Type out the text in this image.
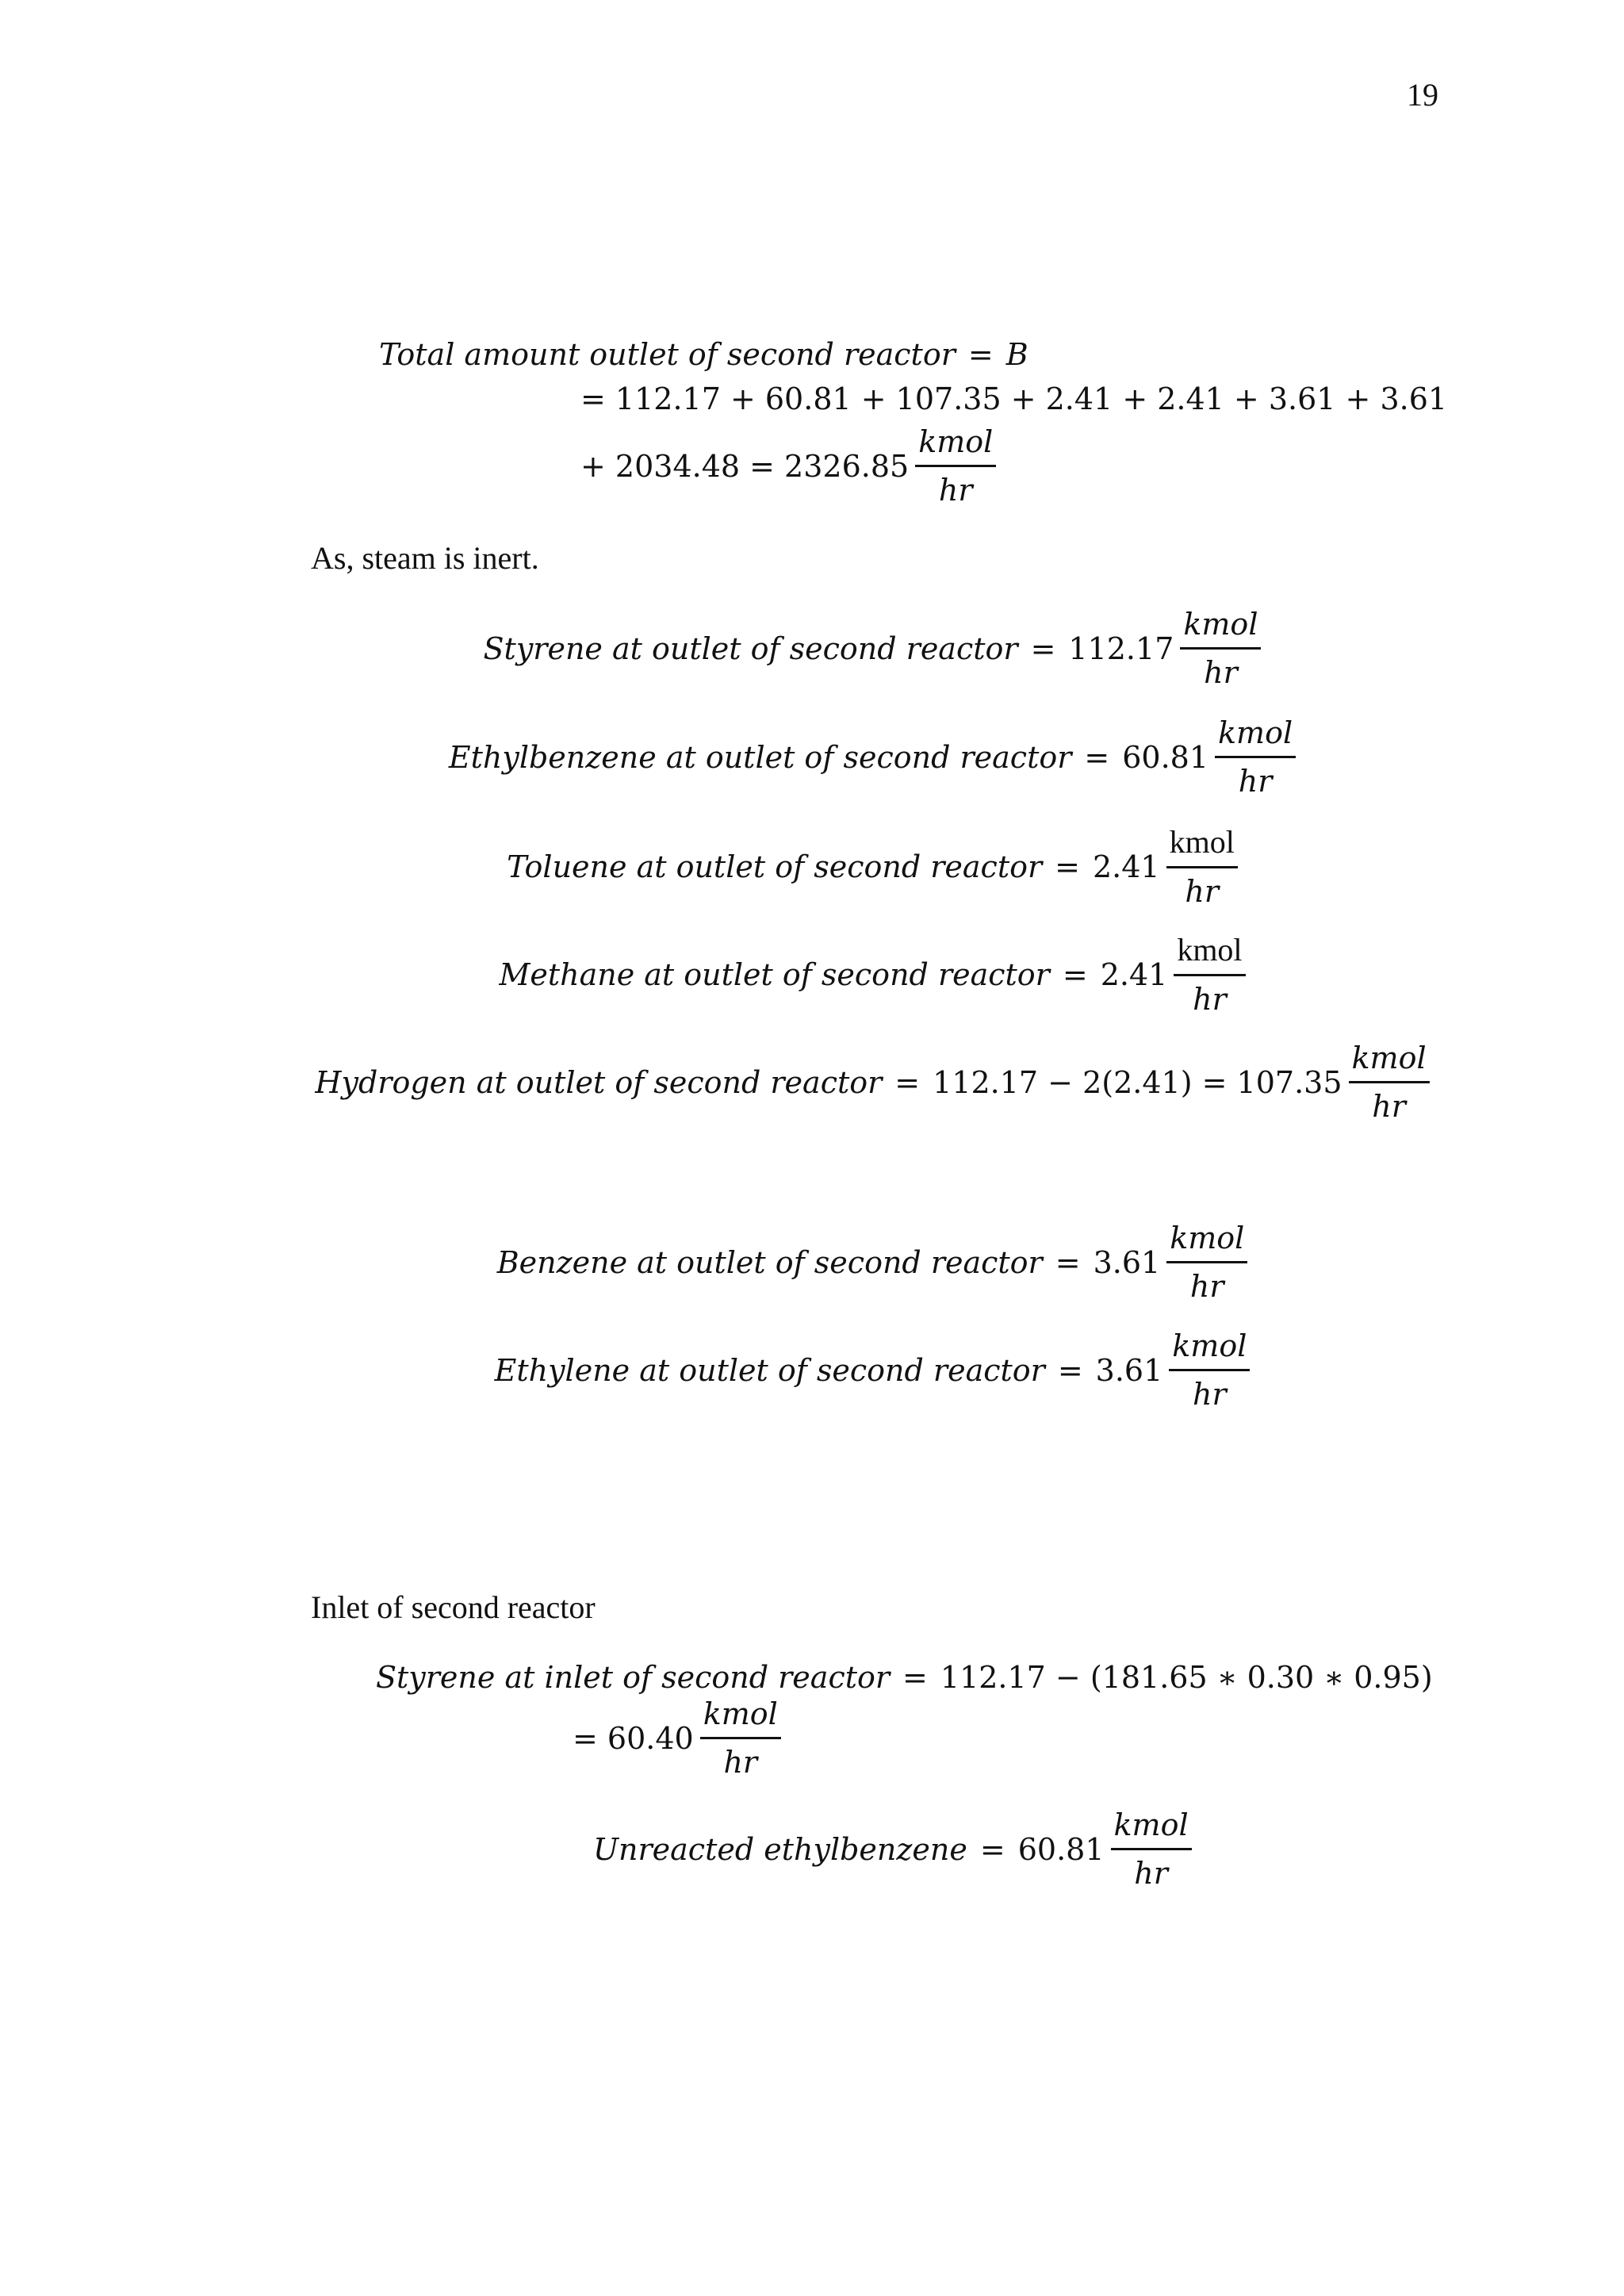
19
Total amount outlet of second reactor = B
= 112.17 + 60.81 + 107.35 + 2.41 + 2.41 + 3.61 + 3.61
+ $2034.48 = 2326.85 \frac{\text{kmol}}{hr}$
As, steam is inert.
Styrene at outlet of second reactor = $112.17 \frac{\text{kmol}}{hr}$
Ethylbenzene at outlet of second reactor = $60.81 \frac{\text{kmol}}{hr}$
Toluene at outlet of second reactor = $2.41 \frac{\text{kmol}}{hr}$
Methane at outlet of second reactor = $2.41 \frac{\text{kmol}}{hr}$
Hydrogen at outlet of second reactor = $112.17 - 2(2.41) = 107.35 \frac{\text{kmol}}{hr}$
Benzene at outlet of second reactor = $3.61 \frac{\text{kmol}}{hr}$
Ethylene at outlet of second reactor = $3.61 \frac{\text{kmol}}{hr}$
Inlet of second reactor
Styrene at inlet of second reactor = 112.17 − (181.65 ∗ 0.30 ∗ 0.95)
= $60.40 \frac{\text{kmol}}{hr}$
Unreacted ethylbenzene = $60.81 \frac{\text{kmol}}{hr}$
